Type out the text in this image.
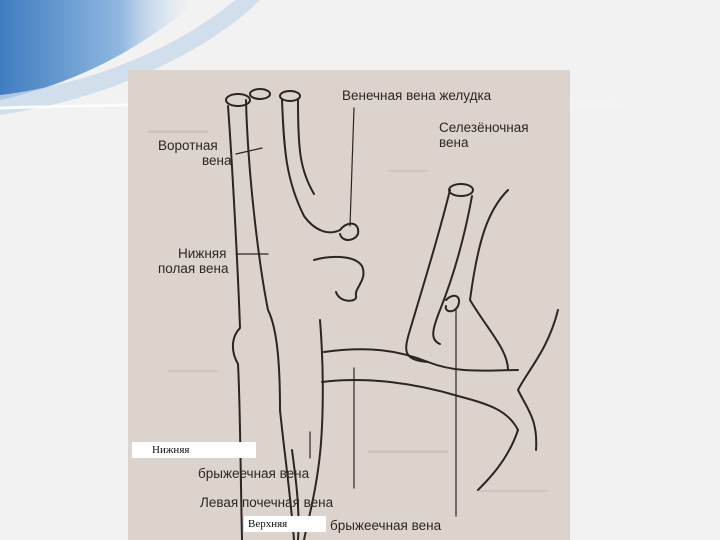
Венечная вена желудка
Селезёночная
вена
Воротная
вена
Нижняя
полая вена
Нижняя
брыжеечная вена
Левая почечная вена
Верхняя	брыжеечная вена
